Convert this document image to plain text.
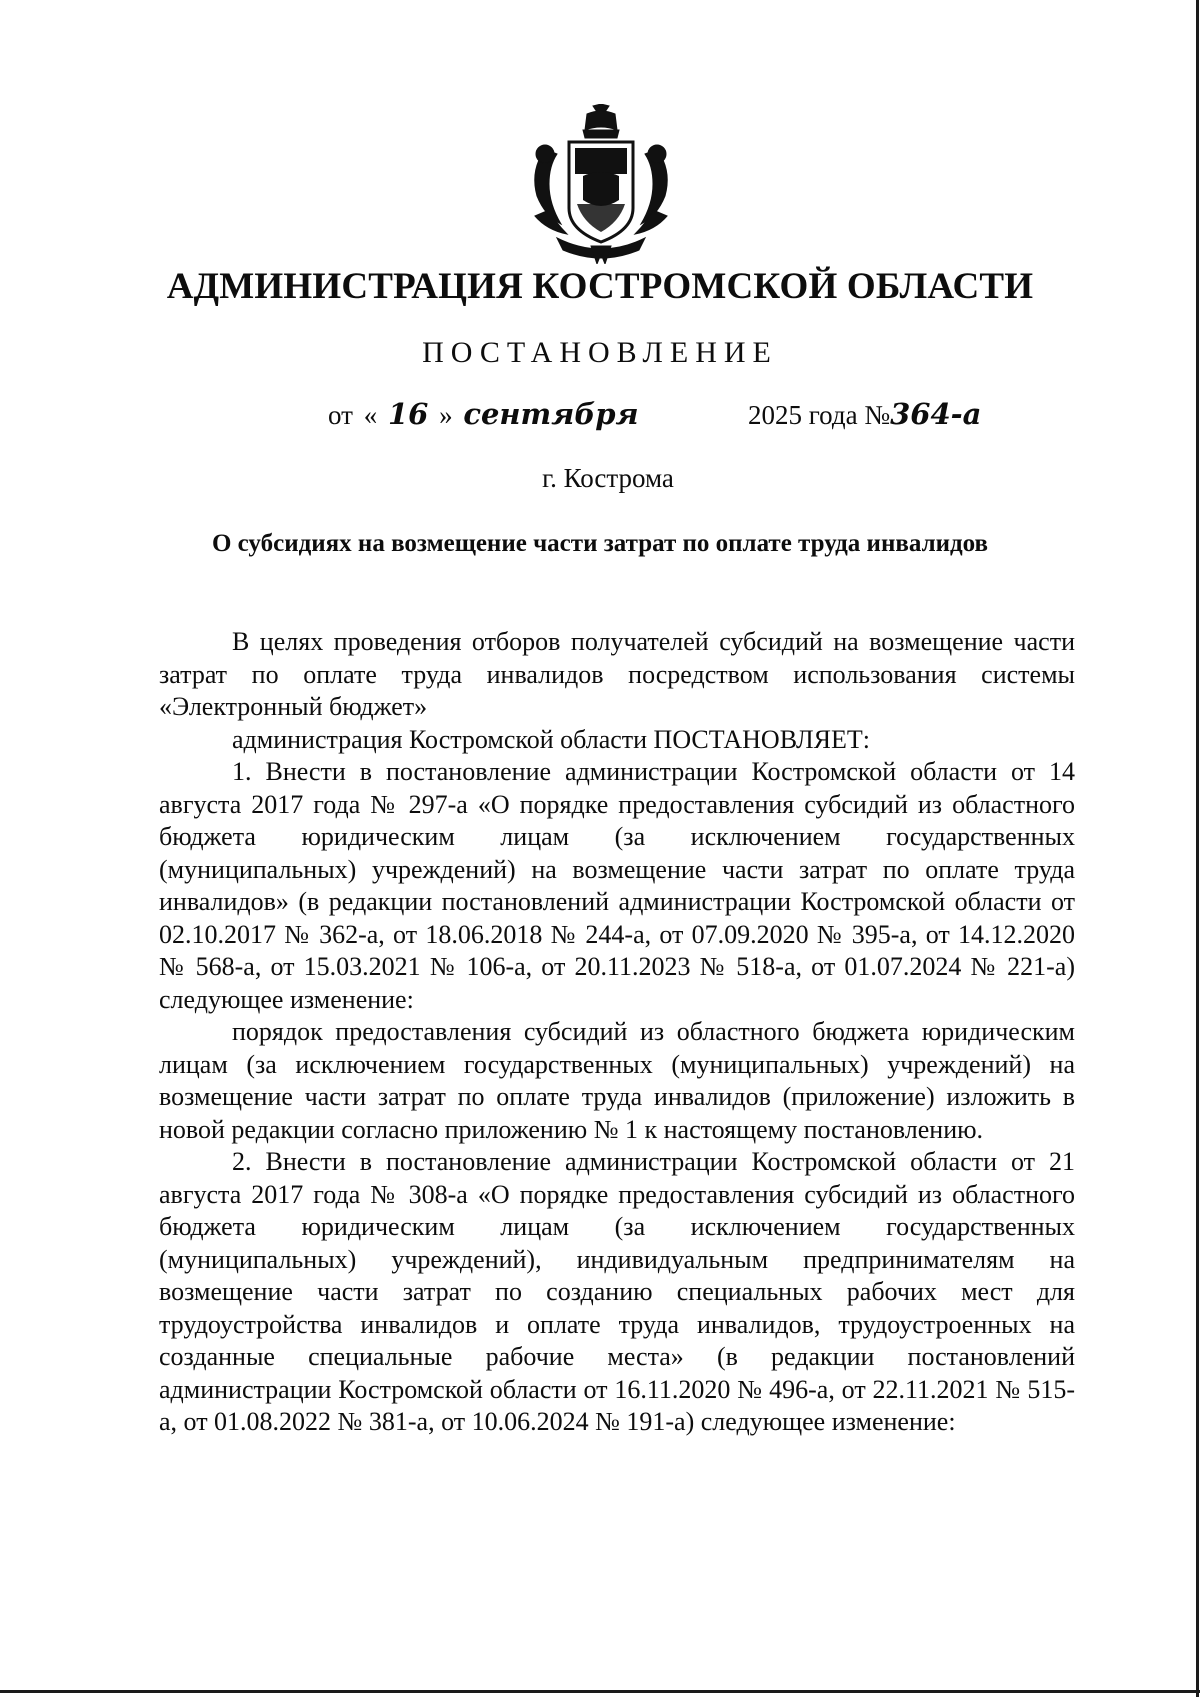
АДМИНИСТРАЦИЯ КОСТРОМСКОЙ ОБЛАСТИ
ПОСТАНОВЛЕНИЕ
от « 16 » сентября	2025 года №364-а
г. Кострома
О субсидиях на возмещение части затрат по оплате труда инвалидов

В целях проведения отборов получателей субсидий на возмещение части затрат по оплате труда инвалидов посредством использования системы «Электронный бюджет»

администрация Костромской области ПОСТАНОВЛЯЕТ:

1. Внести в постановление администрации Костромской области от 14 августа 2017 года № 297-а «О порядке предоставления субсидий из областного бюджета юридическим лицам (за исключением государственных (муниципальных) учреждений) на возмещение части затрат по оплате труда инвалидов» (в редакции постановлений администрации Костромской области от 02.10.2017 № 362-а, от 18.06.2018 № 244-а, от 07.09.2020 № 395-а, от 14.12.2020 № 568-а, от 15.03.2021 № 106-а, от 20.11.2023 № 518-а, от 01.07.2024 № 221-а) следующее изменение:

порядок предоставления субсидий из областного бюджета юридическим лицам (за исключением государственных (муниципальных) учреждений) на возмещение части затрат по оплате труда инвалидов (приложение) изложить в новой редакции согласно приложению № 1 к настоящему постановлению.

2. Внести в постановление администрации Костромской области от 21 августа 2017 года № 308-а «О порядке предоставления субсидий из областного бюджета юридическим лицам (за исключением государственных (муниципальных) учреждений), индивидуальным предпринимателям на возмещение части затрат по созданию специальных рабочих мест для трудоустройства инвалидов и оплате труда инвалидов, трудоустроенных на созданные специальные рабочие места» (в редакции постановлений администрации Костромской области от 16.11.2020 № 496-а, от 22.11.2021 № 515-а, от 01.08.2022 № 381-а, от 10.06.2024 № 191-а) следующее изменение:
